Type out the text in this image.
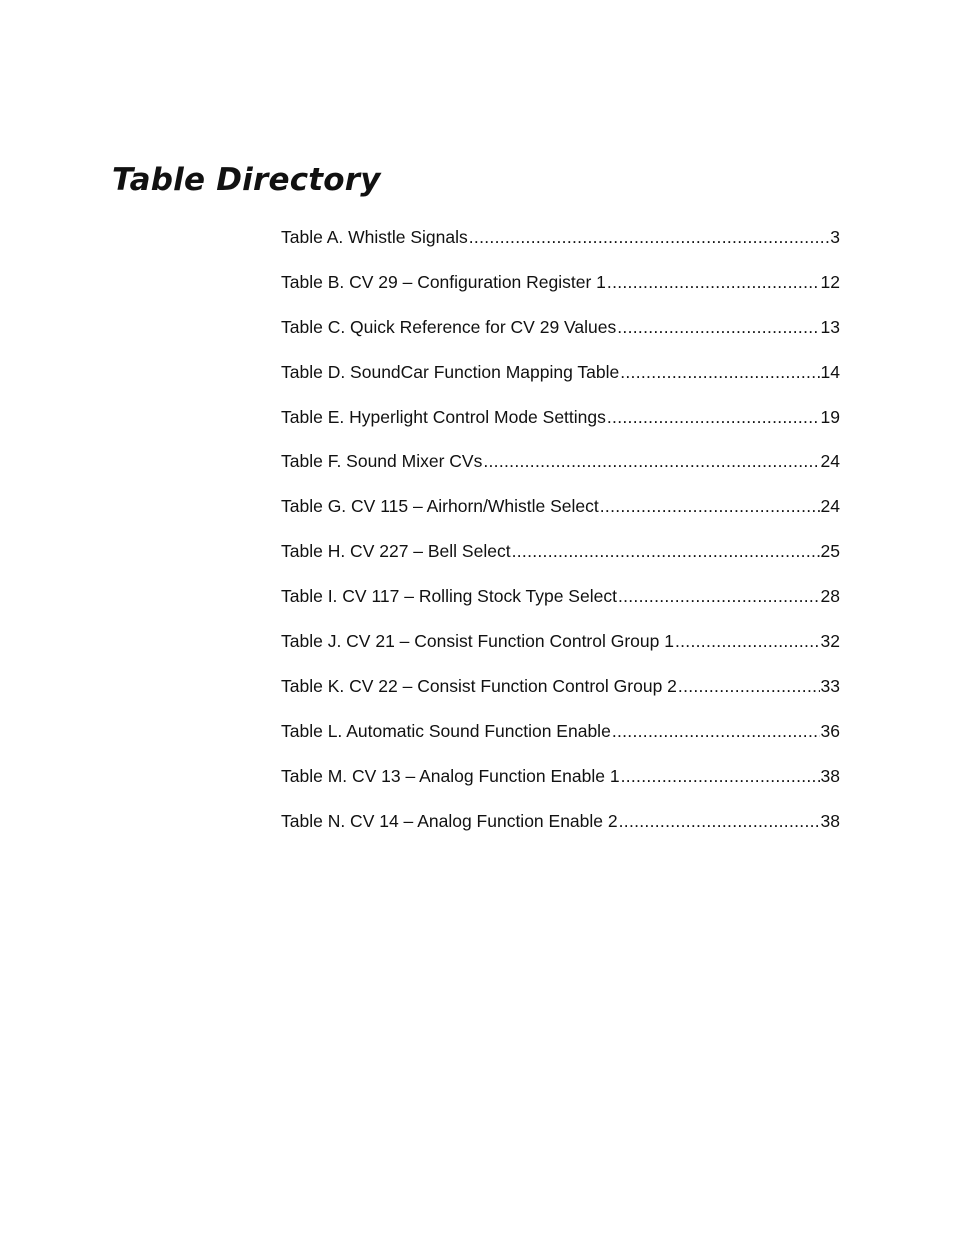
Table Directory
Table A. Whistle Signals .....	3
Table B. CV 29 – Configuration Register 1 .....	12
Table C. Quick Reference for CV 29 Values .....	13
Table D. SoundCar Function Mapping Table .....	14
Table E. Hyperlight Control Mode Settings .....	19
Table F. Sound Mixer CVs .....	24
Table G. CV 115 – Airhorn/Whistle Select .....	24
Table H. CV 227 – Bell Select .....	25
Table I. CV 117 – Rolling Stock Type Select .....	28
Table J. CV 21 – Consist Function Control Group 1 .....	32
Table K. CV 22 – Consist Function Control Group 2 .....	33
Table L. Automatic Sound Function Enable .....	36
Table M. CV 13 – Analog Function Enable 1 .....	38
Table N. CV 14 – Analog Function Enable 2 .....	38
